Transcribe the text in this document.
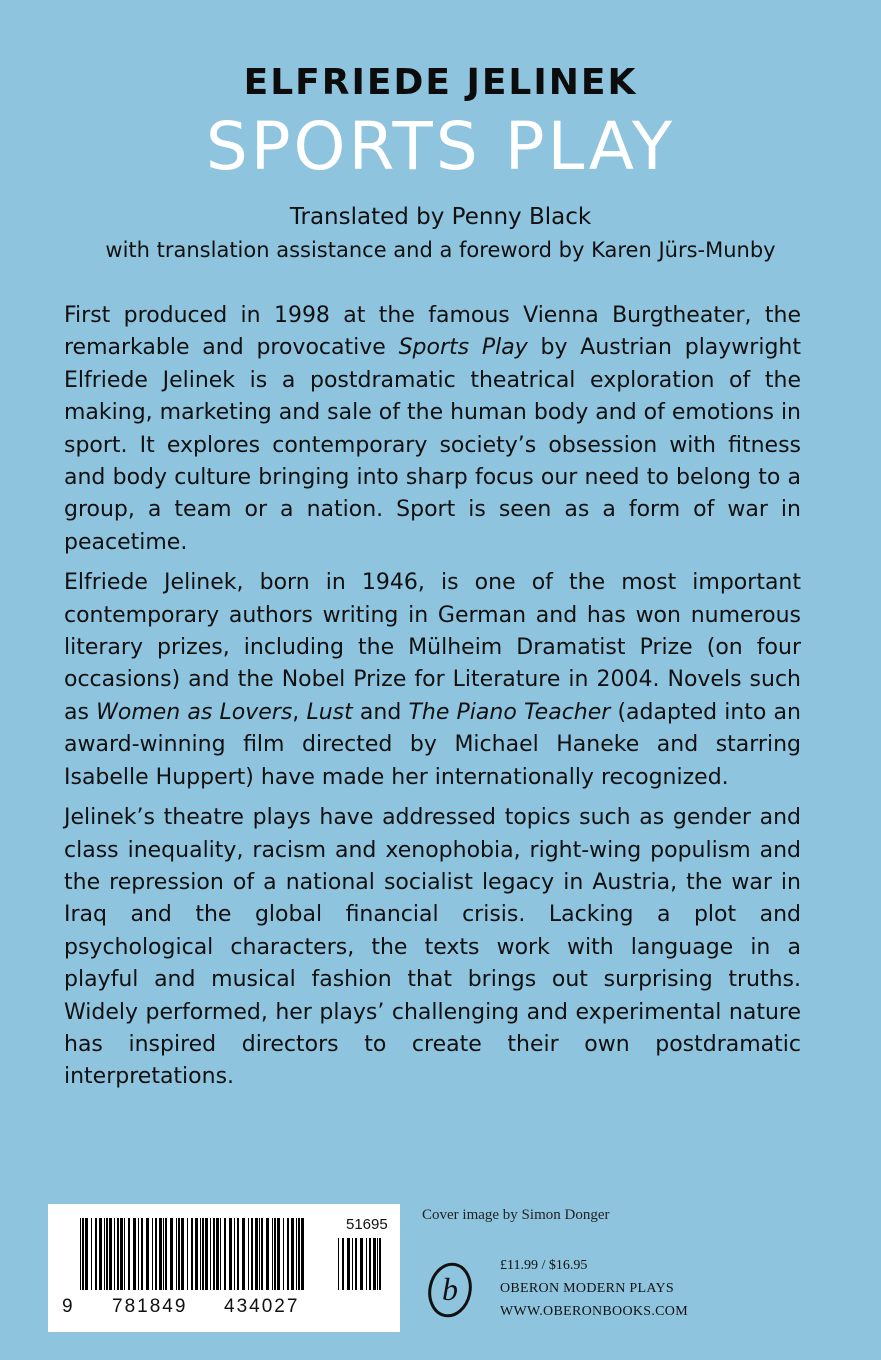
ELFRIEDE JELINEK
SPORTS PLAY
Translated by Penny Black
with translation assistance and a foreword by Karen Jürs-Munby

First produced in 1998 at the famous Vienna Burgtheater, the remarkable and provocative Sports Play by Austrian playwright Elfriede Jelinek is a postdramatic theatrical exploration of the making, marketing and sale of the human body and of emotions in sport. It explores contemporary society’s obsession with fitness and body culture bringing into sharp focus our need to belong to a group, a team or a nation. Sport is seen as a form of war in peacetime.

Elfriede Jelinek, born in 1946, is one of the most important contemporary authors writing in German and has won numerous literary prizes, including the Mülheim Dramatist Prize (on four occasions) and the Nobel Prize for Literature in 2004. Novels such as Women as Lovers, Lust and The Piano Teacher (adapted into an award-winning film directed by Michael Haneke and starring Isabelle Huppert) have made her internationally recognized.

Jelinek’s theatre plays have addressed topics such as gender and class inequality, racism and xenophobia, right-wing populism and the repression of a national socialist legacy in Austria, the war in Iraq and the global financial crisis. Lacking a plot and psychological characters, the texts work with language in a playful and musical fashion that brings out surprising truths. Widely performed, her plays’ challenging and experimental nature has inspired directors to create their own postdramatic interpretations.

51695
9 781849 434027
Cover image by Simon Donger
b
£11.99 / $16.95
OBERON MODERN PLAYS
WWW.OBERONBOOKS.COM
